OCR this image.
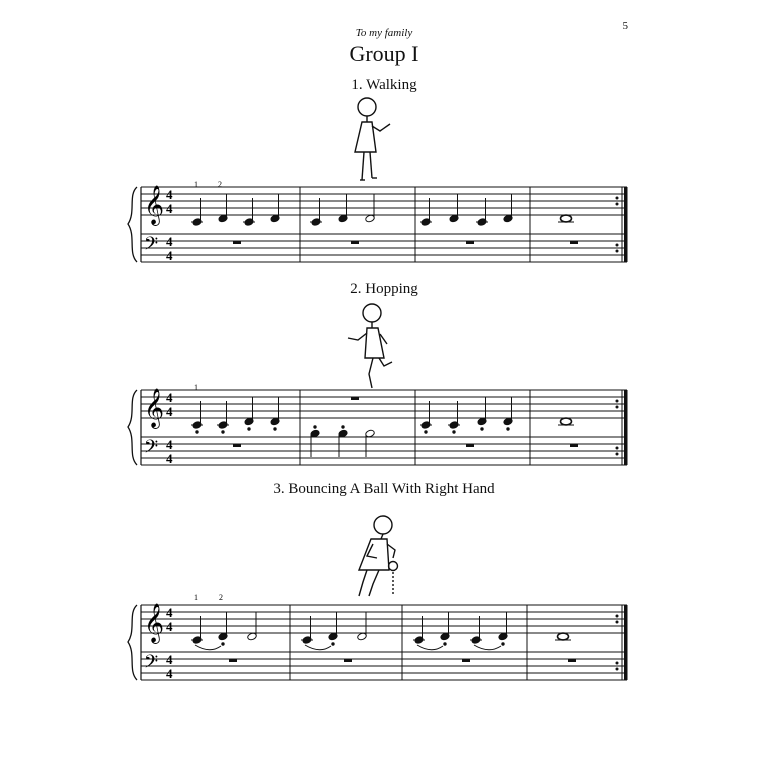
To my family
5
Group I
1. Walking
𝄞
𝄢
4
4
4
4
1	2
2. Hopping
𝄞
𝄢
4
4
4
4
1
3. Bouncing A Ball With Right Hand
𝄞
𝄢
4
4
4
4
1	2
